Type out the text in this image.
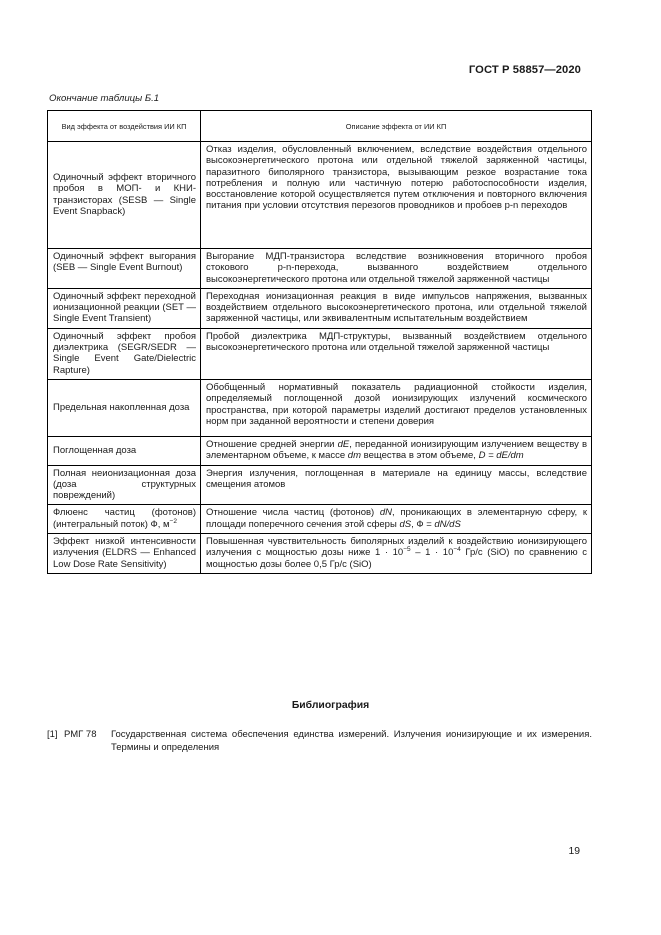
ГОСТ Р 58857—2020
Окончание таблицы Б.1
Вид эффекта от воздействия ИИ КП	Описание эффекта от ИИ КП
Одиночный эффект вторичного пробоя в МОП- и КНИ-транзисторах (SESB — Single Event Snapback)	Отказ изделия, обусловленный включением, вследствие воздействия отдельного высокоэнергетического протона или отдельной тяжелой заряженной частицы, паразитного биполярного транзистора, вызывающим резкое возрастание тока потребления и полную или частичную потерю работоспособности изделия, восстановление которой осуществляется путем отключения и повторного включения питания при условии отсутствия перезогов проводников и пробоев p-n переходов
Одиночный эффект выгорания (SEB — Single Event Burnout)	Выгорание МДП-транзистора вследствие возникновения вторичного пробоя стокового p-n-перехода, вызванного воздействием отдельного высокоэнергетического протона или отдельной тяжелой заряженной частицы
Одиночный эффект переходной ионизационной реакции (SET — Single Event Transient)	Переходная ионизационная реакция в виде импульсов напряжения, вызванных воздействием отдельного высокоэнергетического протона, или отдельной тяжелой заряженной частицы, или эквивалентным испытательным воздействием
Одиночный эффект пробоя диэлектрика (SEGR/SEDR — Single Event Gate/Dielectric Rapture)	Пробой диэлектрика МДП-структуры, вызванный воздействием отдельного высокоэнергетического протона или отдельной тяжелой заряженной частицы
Предельная накопленная доза	Обобщенный нормативный показатель радиационной стойкости изделия, определяемый поглощенной дозой ионизирующих излучений космического пространства, при которой параметры изделий достигают пределов установленных норм при заданной вероятности и степени доверия
Поглощенная доза	Отношение средней энергии dE, переданной ионизирующим излучением веществу в элементарном объеме, к массе dm вещества в этом объеме, D = dE/dm
Полная неионизационная доза (доза структурных повреждений)	Энергия излучения, поглощенная в материале на единицу массы, вследствие смещения атомов
Флюенс частиц (фотонов) (интегральный поток) Ф, $м^{-2}$	Отношение числа частиц (фотонов) dN, проникающих в элементарную сферу, к площади поперечного сечения этой сферы dS, Ф = dN/dS
Эффект низкой интенсивности излучения (ELDRS — Enhanced Low Dose Rate Sensitivity)	Повышенная чувствительность биполярных изделий к воздействию ионизирующего излучения с мощностью дозы ниже $1 \cdot 10^{-5} - 1 \cdot 10^{-4}$ Гр/с (SiO) по сравнению с мощностью дозы более 0,5 Гр/с (SiO)
Библиография
[1] РМГ 78 Государственная система обеспечения единства измерений. Излучения ионизирующие и их измерения. Термины и определения
19
